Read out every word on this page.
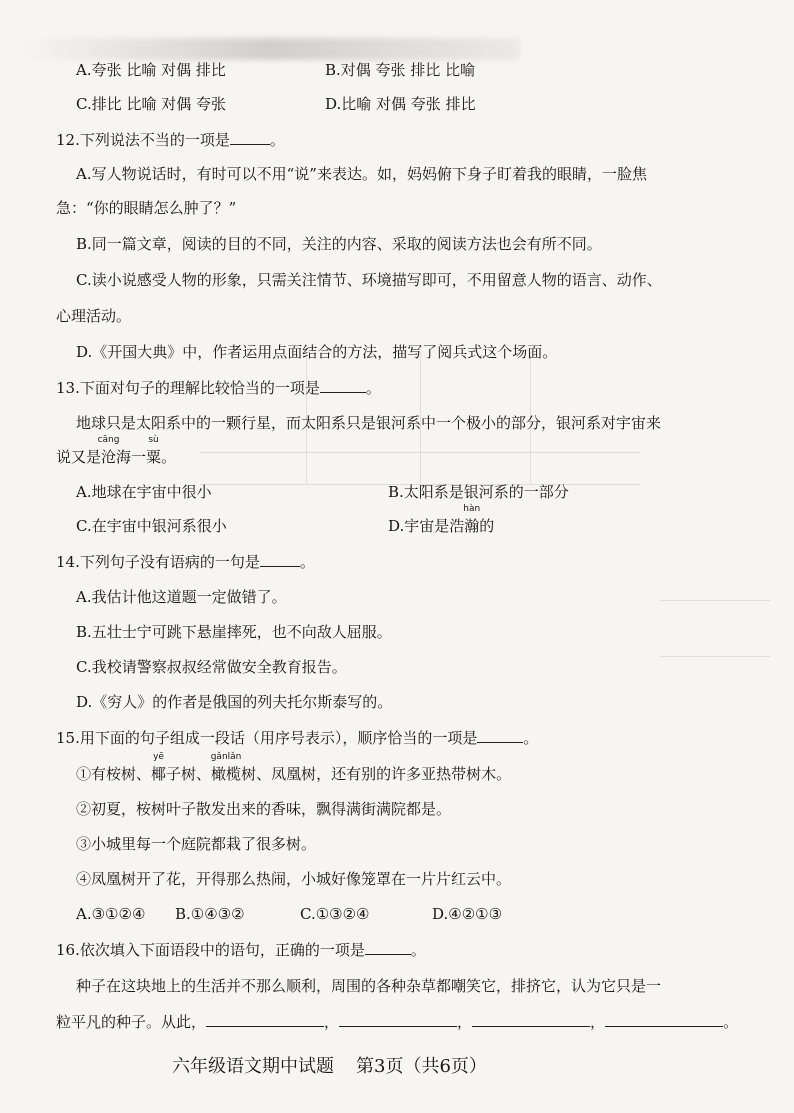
A.夸张 比喻 对偶 排比	B.对偶 夸张 排比 比喻
C.排比 比喻 对偶 夸张	D.比喻 对偶 夸张 排比
12.下列说法不当的一项是	。
A.写人物说话时，有时可以不用“说”来表达。如，妈妈俯下身子盯着我的眼睛，一脸焦
急：“你的眼睛怎么肿了？”
B.同一篇文章，阅读的目的不同，关注的内容、采取的阅读方法也会有所不同。
C.读小说感受人物的形象，只需关注情节、环境描写即可，不用留意人物的语言、动作、
心理活动。
D.《开国大典》中，作者运用点面结合的方法，描写了阅兵式这个场面。
13.下面对句子的理解比较恰当的一项是	。
地球只是太阳系中的一颗行星，而太阳系只是银河系中一个极小的部分，银河系对宇宙来
说又是
cāng
沧海一
sù
粟。
A.地球在宇宙中很小	B.太阳系是银河系的一部分
C.在宇宙中银河系很小	D.宇宙是浩
hàn
瀚的
14.下列句子没有语病的一句是	。
A.我估计他这道题一定做错了。
B.五壮士宁可跳下悬崖摔死，也不向敌人屈服。
C.我校请警察叔叔经常做安全教育报告。
D.《穷人》的作者是俄国的列夫托尔斯泰写的。
15.用下面的句子组成一段话（用序号表示），顺序恰当的一项是	。
①有桉树、
yē
椰子树、
gǎnlǎn
橄榄树、凤凰树，还有别的许多亚热带树木。
②初夏，桉树叶子散发出来的香味，飘得满街满院都是。
③小城里每一个庭院都栽了很多树。
④凤凰树开了花，开得那么热闹，小城好像笼罩在一片片红云中。
A.③①②④ B.①④③②	C.①③②④	D.④②①③
16.依次填入下面语段中的语句，正确的一项是	。
种子在这块地上的生活并不那么顺利，周围的各种杂草都嘲笑它，排挤它，认为它只是一
粒平凡的种子。从此，	，	，	，	。
六年级语文期中试题 第3页（共6页）
